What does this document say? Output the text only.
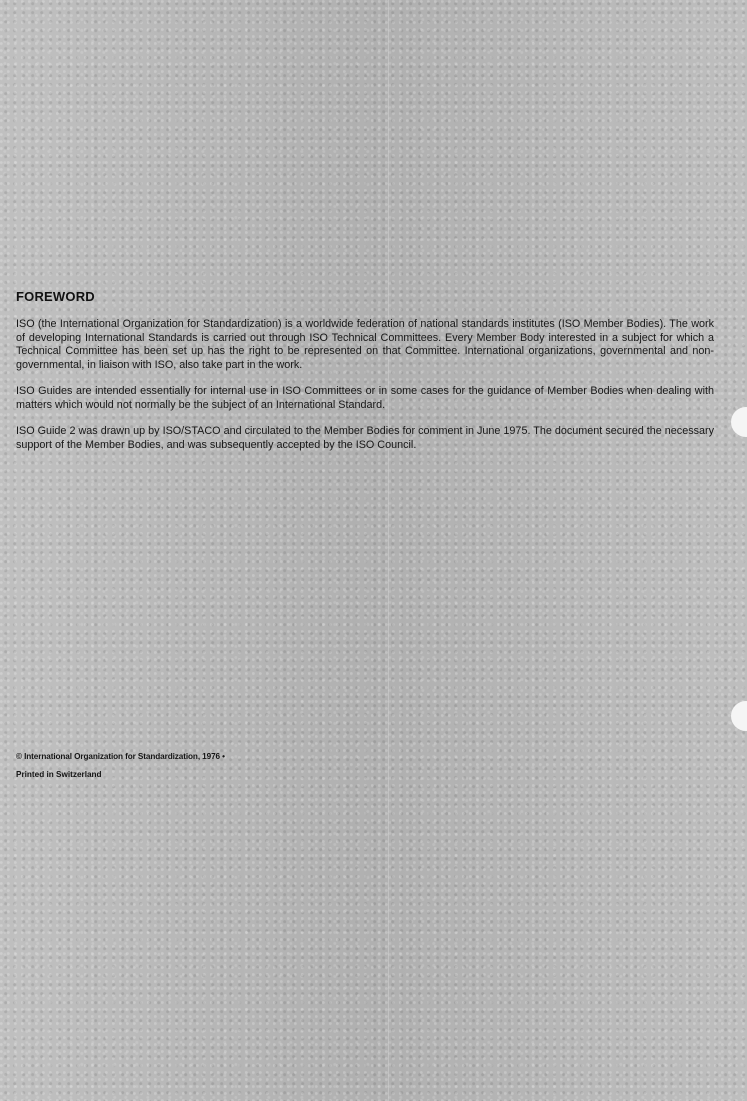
FOREWORD

ISO (the International Organization for Standardization) is a worldwide federation of national standards institutes (ISO Member Bodies). The work of developing International Standards is carried out through ISO Technical Committees. Every Member Body interested in a subject for which a Technical Committee has been set up has the right to be represented on that Committee. International organizations, governmental and non-governmental, in liaison with ISO, also take part in the work.

ISO Guides are intended essentially for internal use in ISO Committees or in some cases for the guidance of Member Bodies when dealing with matters which would not normally be the subject of an International Standard.

ISO Guide 2 was drawn up by ISO/STACO and circulated to the Member Bodies for comment in June 1975. The document secured the necessary support of the Member Bodies, and was subsequently accepted by the ISO Council.

© International Organization for Standardization, 1976 •
Printed in Switzerland
